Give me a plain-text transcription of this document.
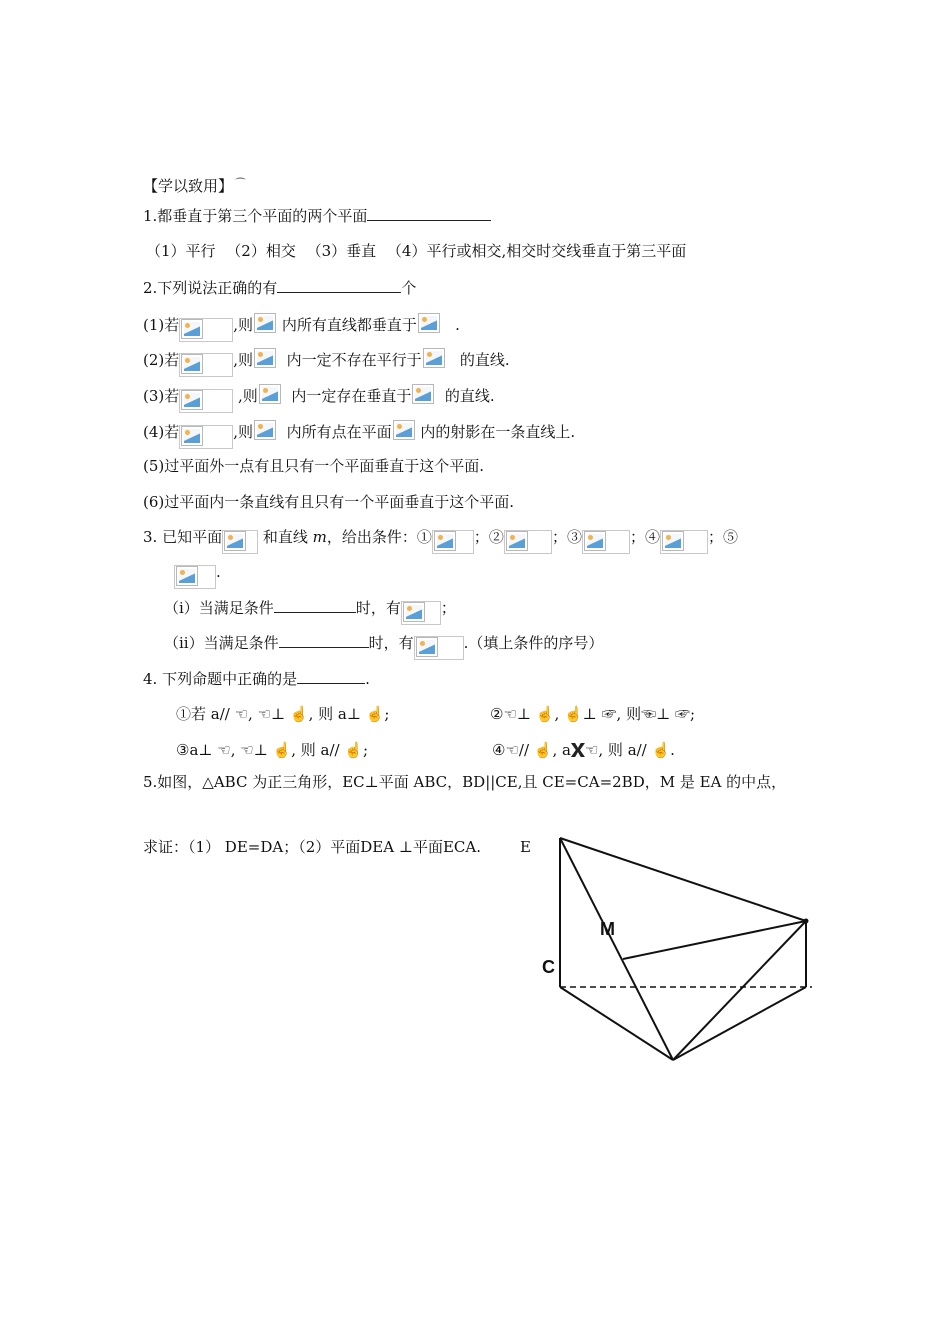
【学以致用】 ⁀
1.都垂直于第三个平面的两个平面
（1）平行 （2）相交 （3）垂直 （4）平行或相交,相交时交线垂直于第三平面
2.下列说法正确的有	个
(1)若	,则 内所有直线都垂直于	.
(2)若	,则 内一定不存在平行于	的直线.
(3)若	,则 内一定存在垂直于 的直线.
(4)若	,则 内所有点在平面 内的射影在一条直线上.
(5)过平面外一点有且只有一个平面垂直于这个平面.
(6)过平面内一条直线有且只有一个平面垂直于这个平面.
3. 已知平面	和直线 m，给出条件：①	；②	；③	；④	；⑤
.
（i）当满足条件	时，有	；
（ii）当满足条件	时，有	.（填上条件的序号）
4. 下列命题中正确的是	.
①若 a// ☜, ☜⊥ ☝, 则 a⊥ ☝;	②☜⊥ ☝, ☝⊥ ☞, 则☜⊥ ☞;
③a⊥ ☜, ☜⊥ ☝, 则 a// ☝;	④☜// ☝, a ☜, 则 a// ☝.
5.如图，△ABC 为正三角形，EC⊥平面 ABC，BD||CE,且 CE=CA=2BD，M 是 EA 的中点，
求证：（1） DE=DA；（2）平面DEA ⊥平面ECA.	E
M
C
